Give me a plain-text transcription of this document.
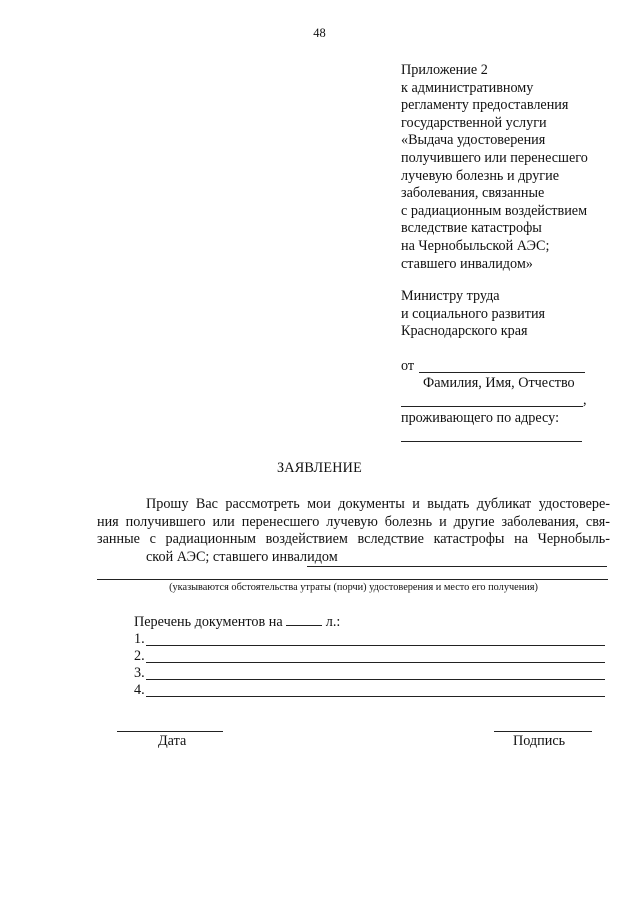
48
Приложение 2
к административному
регламенту предоставления
государственной услуги
«Выдача удостоверения
получившего или перенесшего
лучевую болезнь и другие
заболевания, связанные
с радиационным воздействием
вследствие катастрофы
на Чернобыльской АЭС;
ставшего инвалидом»
Министру труда
и социального развития
Краснодарского края
от
Фамилия, Имя, Отчество
,
проживающего по адресу:
ЗАЯВЛЕНИЕ
Прошу Вас рассмотреть мои документы и выдать дубликат удостовере-
ния получившего или перенесшего лучевую болезнь и другие заболевания, свя-
занные с радиационным воздействием вследствие катастрофы на Чернобыль-
ской АЭС; ставшего инвалидом
(указываются обстоятельства утраты (порчи) удостоверения и место его получения)
Перечень документов на	л.:
1.
2.
3.
4.
Дата	Подпись
